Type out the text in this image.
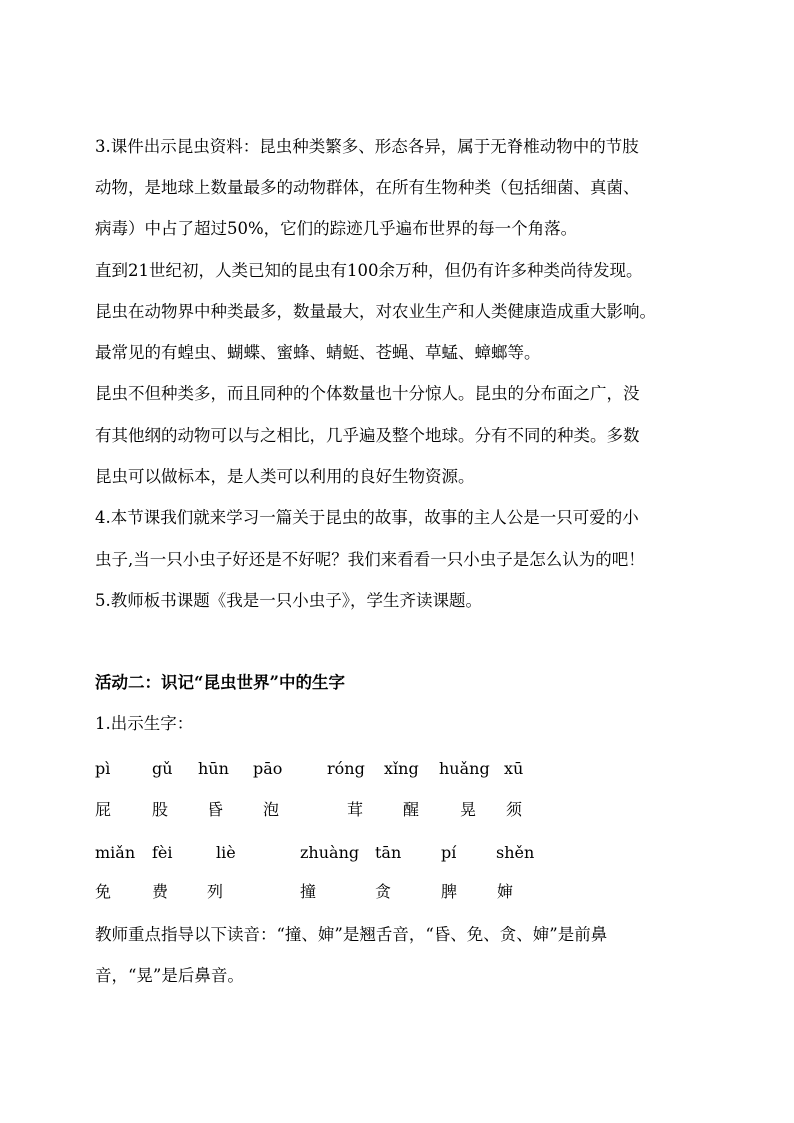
3.课件出示昆虫资料：昆虫种类繁多、形态各异，属于无脊椎动物中的节肢
动物，是地球上数量最多的动物群体，在所有生物种类（包括细菌、真菌、
病毒）中占了超过50%，它们的踪迹几乎遍布世界的每一个角落。
直到21世纪初，人类已知的昆虫有100余万种，但仍有许多种类尚待发现。
昆虫在动物界中种类最多，数量最大，对农业生产和人类健康造成重大影响。
最常见的有蝗虫、蝴蝶、蜜蜂、蜻蜓、苍蝇、草蜢、蟑螂等。
昆虫不但种类多，而且同种的个体数量也十分惊人。昆虫的分布面之广，没
有其他纲的动物可以与之相比，几乎遍及整个地球。分有不同的种类。多数
昆虫可以做标本，是人类可以利用的良好生物资源。
4.本节课我们就来学习一篇关于昆虫的故事，故事的主人公是一只可爱的小
虫子,当一只小虫子好还是不好呢？我们来看看一只小虫子是怎么认为的吧！
5.教师板书课题《我是一只小虫子》，学生齐读课题。
活动二：识记“昆虫世界”中的生字
1.出示生字：
pì	gǔ hūn pāo	róng xǐng huǎng xū
屁	股 昏 泡	茸 醒	晃 须
miǎn fèi	liè	zhuàng tān pí shěn
免	费 列	撞	贪	脾 婶
教师重点指导以下读音：“撞、婶”是翘舌音，“昏、免、贪、婶”是前鼻
音，“晃”是后鼻音。
